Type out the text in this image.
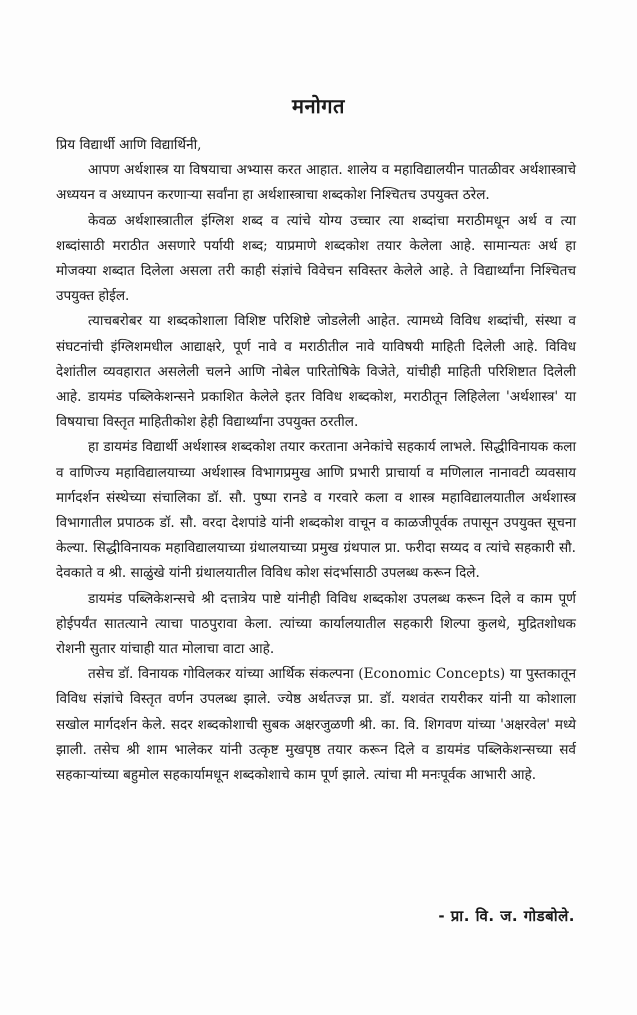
मनोगत

प्रिय विद्यार्थी आणि विद्यार्थिनी,

आपण अर्थशास्त्र या विषयाचा अभ्यास करत आहात. शालेय व महाविद्यालयीन पातळीवर अर्थशास्त्राचे अध्ययन व अध्यापन करणाऱ्या सर्वांना हा अर्थशास्त्राचा शब्दकोश निश्चितच उपयुक्त ठरेल.

केवळ अर्थशास्त्रातील इंग्लिश शब्द व त्यांचे योग्य उच्चार त्या शब्दांचा मराठीमधून अर्थ व त्या शब्दांसाठी मराठीत असणारे पर्यायी शब्द; याप्रमाणे शब्दकोश तयार केलेला आहे. सामान्यतः अर्थ हा मोजक्या शब्दात दिलेला असला तरी काही संज्ञांचे विवेचन सविस्तर केलेले आहे. ते विद्यार्थ्यांना निश्चितच उपयुक्त होईल.

त्याचबरोबर या शब्दकोशाला विशिष्ट परिशिष्टे जोडलेली आहेत. त्यामध्ये विविध शब्दांची, संस्था व संघटनांची इंग्लिशमधील आद्याक्षरे, पूर्ण नावे व मराठीतील नावे याविषयी माहिती दिलेली आहे. विविध देशांतील व्यवहारात असलेली चलने आणि नोबेल पारितोषिके विजेते, यांचीही माहिती परिशिष्टात दिलेली आहे. डायमंड पब्लिकेशन्सने प्रकाशित केलेले इतर विविध शब्दकोश, मराठीतून लिहिलेला 'अर्थशास्त्र' या विषयाचा विस्तृत माहितीकोश हेही विद्यार्थ्यांना उपयुक्त ठरतील.

हा डायमंड विद्यार्थी अर्थशास्त्र शब्दकोश तयार करताना अनेकांचे सहकार्य लाभले. सिद्धीविनायक कला व वाणिज्य महाविद्यालयाच्या अर्थशास्त्र विभागप्रमुख आणि प्रभारी प्राचार्या व मणिलाल नानावटी व्यवसाय मार्गदर्शन संस्थेच्या संचालिका डॉ. सौ. पुष्पा रानडे व गरवारे कला व शास्त्र महाविद्यालयातील अर्थशास्त्र विभागातील प्रपाठक डॉ. सौ. वरदा देशपांडे यांनी शब्दकोश वाचून व काळजीपूर्वक तपासून उपयुक्त सूचना केल्या. सिद्धीविनायक महाविद्यालयाच्या ग्रंथालयाच्या प्रमुख ग्रंथपाल प्रा. फरीदा सय्यद व त्यांचे सहकारी सौ. देवकाते व श्री. साळुंखे यांनी ग्रंथालयातील विविध कोश संदर्भासाठी उपलब्ध करून दिले.

डायमंड पब्लिकेशन्सचे श्री दत्तात्रेय पाष्टे यांनीही विविध शब्दकोश उपलब्ध करून दिले व काम पूर्ण होईपर्यंत सातत्याने त्याचा पाठपुरावा केला. त्यांच्या कार्यालयातील सहकारी शिल्पा कुलथे, मुद्रितशोधक रोशनी सुतार यांचाही यात मोलाचा वाटा आहे.

तसेच डॉ. विनायक गोविलकर यांच्या आर्थिक संकल्पना (Economic Concepts) या पुस्तकातून विविध संज्ञांचे विस्तृत वर्णन उपलब्ध झाले. ज्येष्ठ अर्थतज्ज्ञ प्रा. डॉ. यशवंत रायरीकर यांनी या कोशाला सखोल मार्गदर्शन केले. सदर शब्दकोशाची सुबक अक्षरजुळणी श्री. का. वि. शिगवण यांच्या 'अक्षरवेल' मध्ये झाली. तसेच श्री शाम भालेकर यांनी उत्कृष्ट मुखपृष्ठ तयार करून दिले व डायमंड पब्लिकेशन्सच्या सर्व सहकाऱ्यांच्या बहुमोल सहकार्यामधून शब्दकोशाचे काम पूर्ण झाले. त्यांचा मी मनःपूर्वक आभारी आहे.

- प्रा. वि. ज. गोडबोले.
